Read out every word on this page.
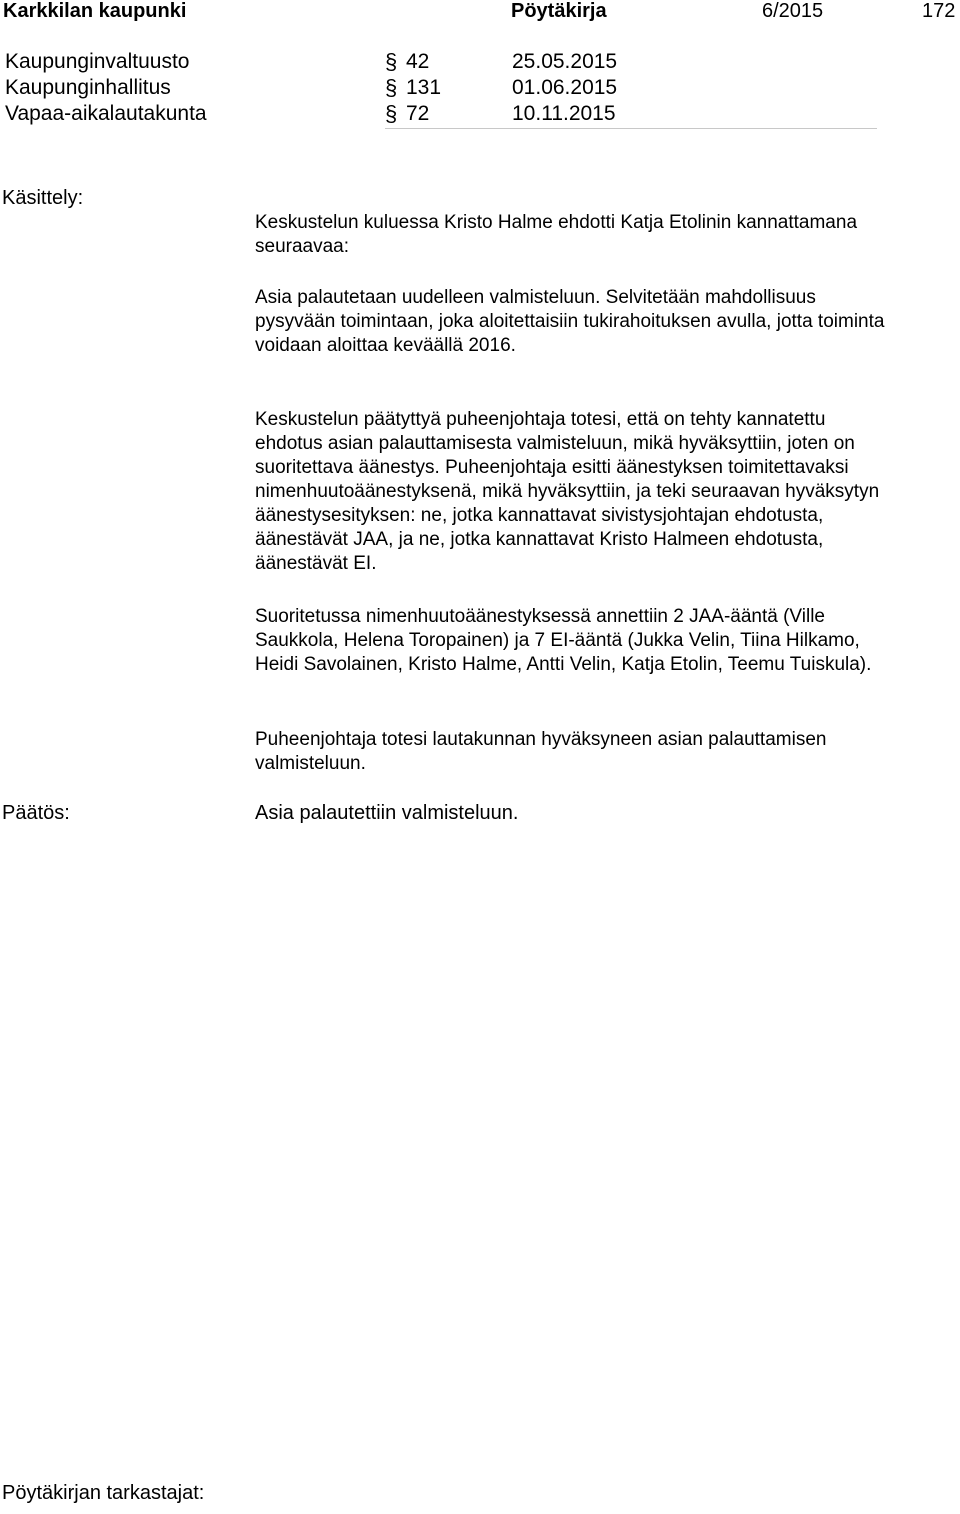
Karkkilan kaupunki	Pöytäkirja	6/2015	172
Kaupunginvaltuusto	§ 42	25.05.2015
Kaupunginhallitus	§ 131	01.06.2015
Vapaa-aikalautakunta	§ 72	10.11.2015
Käsittely:

Keskustelun kuluessa Kristo Halme ehdotti Katja Etolinin kannattamana seuraavaa:

Asia palautetaan uudelleen valmisteluun. Selvitetään mahdollisuus pysyvään toimintaan, joka aloitettaisiin tukirahoituksen avulla, jotta toiminta voidaan aloittaa keväällä 2016.

Keskustelun päätyttyä puheenjohtaja totesi, että on tehty kannatettu ehdotus asian palauttamisesta valmisteluun, mikä hyväksyttiin, joten on suoritettava äänestys. Puheenjohtaja esitti äänestyksen toimitettavaksi nimenhuutoäänestyksenä, mikä hyväksyttiin, ja teki seuraavan hyväksytyn äänestysesityksen: ne, jotka kannattavat sivistysjohtajan ehdotusta, äänestävät JAA, ja ne, jotka kannattavat Kristo Halmeen ehdotusta, äänestävät EI.

Suoritetussa nimenhuutoäänestyksessä annettiin 2 JAA-ääntä (Ville Saukkola, Helena Toropainen) ja 7 EI-ääntä (Jukka Velin, Tiina Hilkamo, Heidi Savolainen, Kristo Halme, Antti Velin, Katja Etolin, Teemu Tuiskula).

Puheenjohtaja totesi lautakunnan hyväksyneen asian palauttamisen valmisteluun.

Päätös:	Asia palautettiin valmisteluun.
Pöytäkirjan tarkastajat:
